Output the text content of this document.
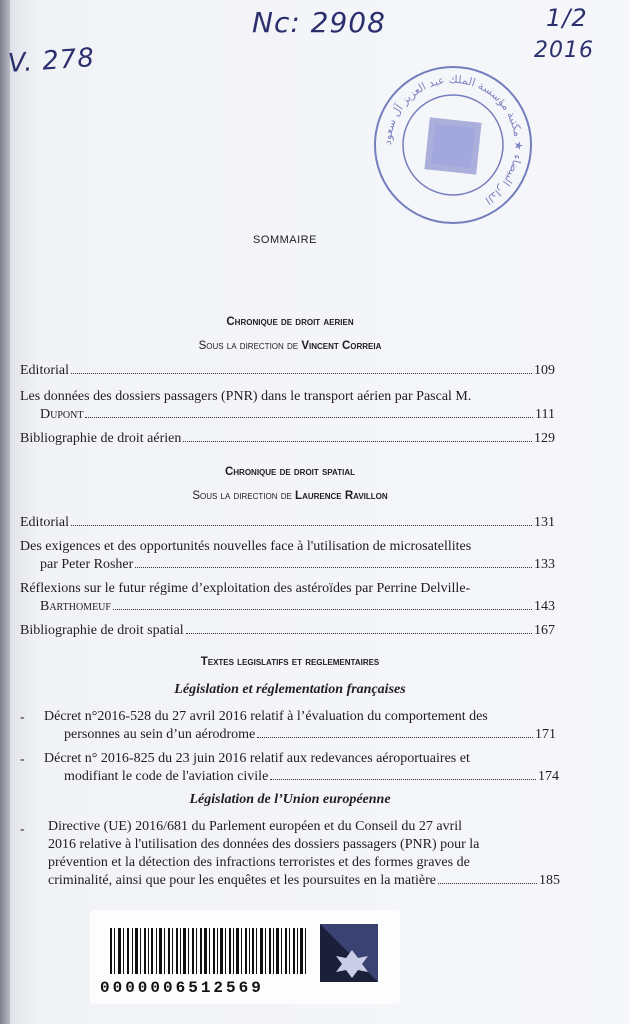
V. 278
Nc: 2908	1/2
2016
الدار البيضاء ★ مكتبة مؤسسة الملك عبد العزيز آل سعود
SOMMAIRE
Chronique de droit aerien
Sous la direction de Vincent Correia
Editorial	109
Les données des dossiers passagers (PNR) dans le transport aérien par Pascal M.
Dupont	111
Bibliographie de droit aérien	129
Chronique de droit spatial
Sous la direction de Laurence Ravillon
Editorial	131
Des exigences et des opportunités nouvelles face à l'utilisation de microsatellites
par Peter Rosher	133
Réflexions sur le futur régime d’exploitation des astéroïdes par Perrine Delville-
Barthomeuf	143
Bibliographie de droit spatial	167
Textes legislatifs et reglementaires
Législation et réglementation françaises
- Décret n°2016-528 du 27 avril 2016 relatif à l’évaluation du comportement des
personnes au sein d’un aérodrome	171
- Décret n° 2016-825 du 23 juin 2016 relatif aux redevances aéroportuaires et
modifiant le code de l'aviation civile	174
Législation de l’Union européenne
- Directive (UE) 2016/681 du Parlement européen et du Conseil du 27 avril
2016 relative à l'utilisation des données des dossiers passagers (PNR) pour la
prévention et la détection des infractions terroristes et des formes graves de
criminalité, ainsi que pour les enquêtes et les poursuites en la matière	185
0000006512569
